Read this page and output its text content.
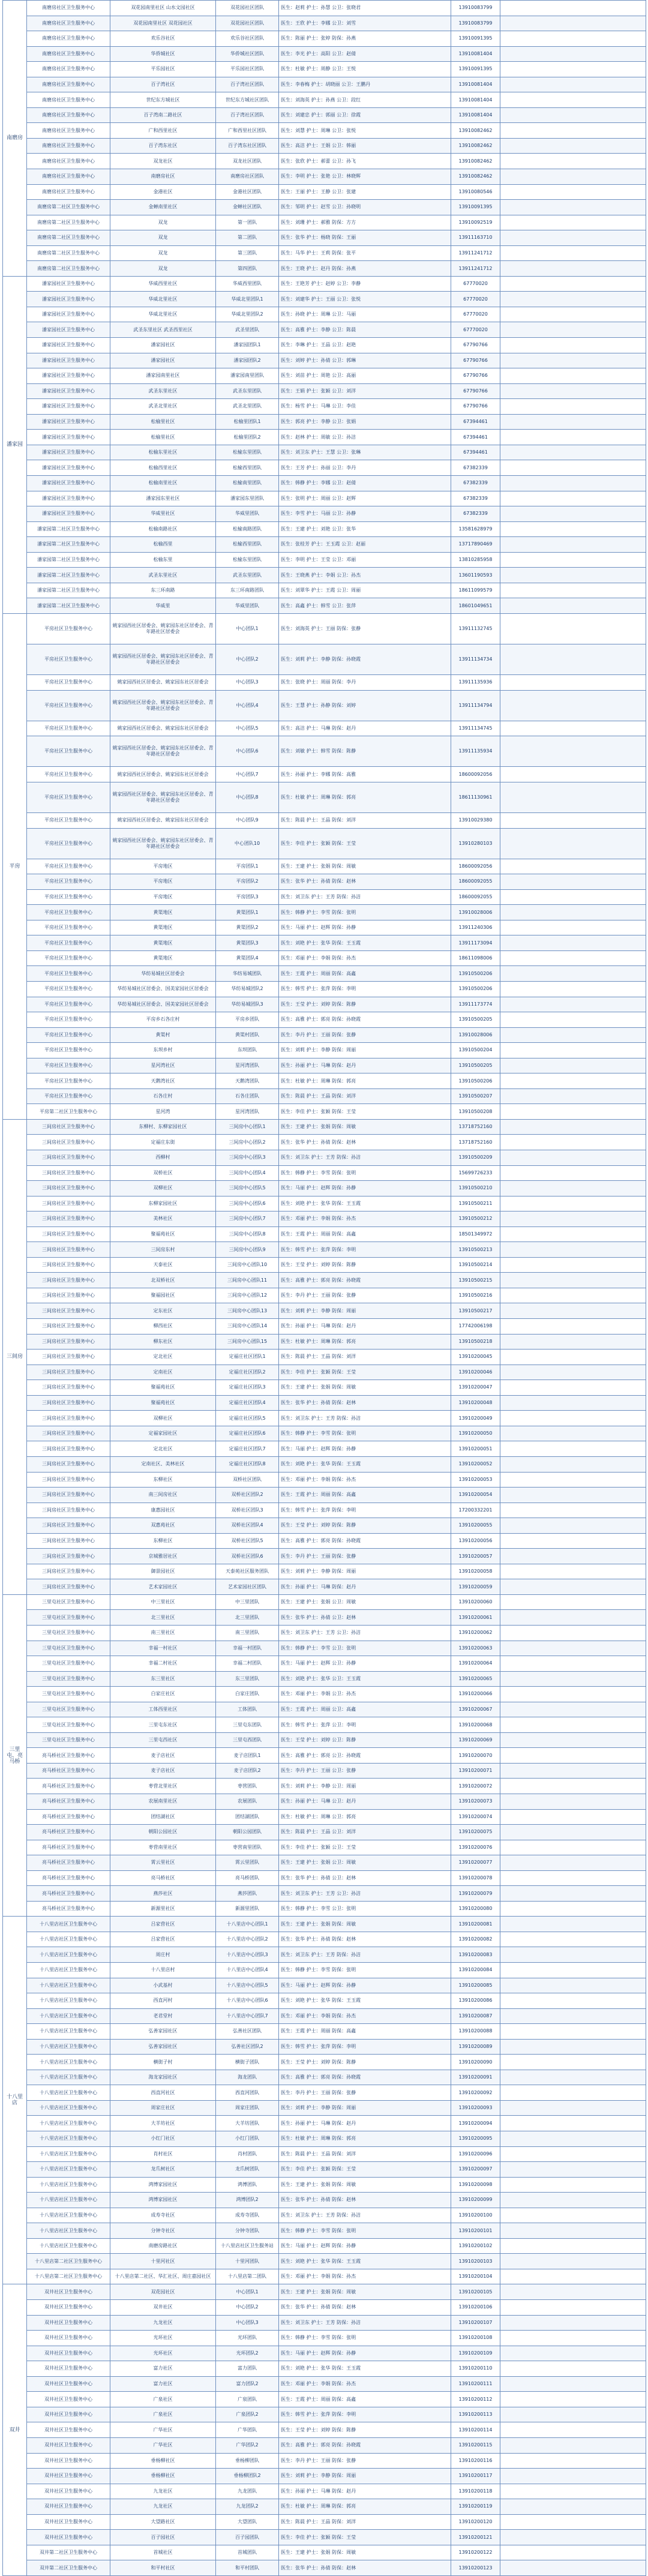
南磨房	南磨房社区卫生服务中心	双花园南里社区 山水文园社区	双花园社区团队	医生：赵莉 护士：孙慧 公卫：张晓君	13910083799	
	南磨房社区卫生服务中心	双花园南里社区 双花园社区	双花园社区团队	医生：王欣 护士：李娜 公卫：刘雪	13910083799	
	南磨房社区卫生服务中心	欢乐谷社区	欢乐谷社区团队	医生：陈丽 护士：张婷 防保：孙燕	13910091395	
	南磨房社区卫生服务中心	华侨城社区	华侨城社区团队	医生：李光 护士：高阳 公卫：赵倩	13910081404	
	南磨房社区卫生服务中心	平乐园社区	平乐园社区团队	医生：杜敏 护士：周静 公卫：王悦	13910091395	
	南磨房社区卫生服务中心	百子湾社区	百子湾社区团队	医生：李春梅 护士：胡晓丽 公卫：王鹏丹	13910081404	
	南磨房社区卫生服务中心	世纪东方城社区	世纪东方城社区团队	医生：刘海英 护士：孙燕 公卫：段红	13910081404	
	南磨房社区卫生服务中心	百子湾南二路社区	百子湾社区团队	医生：刘建忠 护士：郭丽 公卫：徐霞	13910081404	
	南磨房社区卫生服务中心	广和西里社区	广和西里社区团队	医生：刘慧 护士：周琳 公卫：张悦	13910082462	
	南磨房社区卫生服务中心	百子湾东社区	百子湾东社区团队	医生：高洁 护士：王娟 公卫：韩丽	13910082462	
	南磨房社区卫生服务中心	双龙社区	双龙社区团队	医生：张欣 护士：郝蕾 公卫：孙飞	13910082462	
	南磨房社区卫生服务中心	南磨房社区	南磨房社区团队	医生：李明 护士：张艳 公卫：林晓辉	13910082462	
	南磨房社区卫生服务中心	金港社区	金港社区团队	医生：王丽 护士：王静 公卫：张建	13910080546	
	南磨房第二社区卫生服务中心	金蝉南里社区	金蝉社区团队	医生：邹明 护士：赵雪 公卫：孙晓明	13910091395	
	南磨房第二社区卫生服务中心	双龙	第一团队	医生：刘珊 护士：郝雅 防保：方方	13910092519	
	南磨房第二社区卫生服务中心	双龙	第二团队	医生：张华 护士：杨晓 防保：王丽	13911163710	
	南磨房第二社区卫生服务中心	双龙	第三团队	医生：马华 护士：王莉 防保：张平	13911241712	
	南磨房第二社区卫生服务中心	双龙	第四团队	医生：王晓 护士：赵丹 防保：孙燕	13911241712	
潘家园	潘家园社区卫生服务中心	华威西里社区	华威西里团队	医生：王艳芳 护士：赵婷 公卫：李静	67770020	
	潘家园社区卫生服务中心	华威北里社区	华威北里团队1	医生：刘建华 护士：王丽 公卫：张悦	67770020	
	潘家园社区卫生服务中心	华威北里社区	华威北里团队2	医生：孙晓 护士：周琳 公卫：马丽	67770020	
	潘家园社区卫生服务中心	武圣东里社区 武圣西里社区	武圣里团队	医生：高雅 护士：李静 公卫：陈晨	67770020	
	潘家园社区卫生服务中心	潘家园社区	潘家园团队1	医生：李琳 护士：王晶 公卫：赵艳	67790766	
	潘家园社区卫生服务中心	潘家园社区	潘家园团队2	医生：刘婷 护士：孙倩 公卫：郭琳	67790766	
	潘家园社区卫生服务中心	潘家园南里社区	潘家园南里团队	医生：刘苗 护士：周艳 公卫：高丽	67790766	
	潘家园社区卫生服务中心	武圣东里社区	武圣东里团队	医生：王娟 护士：张颖 公卫：刘洋	67790766	
	潘家园社区卫生服务中心	武圣北里社区	武圣北里团队	医生：杨雪 护士：马琳 公卫：李佳	67790766	
	潘家园社区卫生服务中心	松榆里社区	松榆里团队1	医生：郭亮 护士：李静 公卫：张娟	67394461	
	潘家园社区卫生服务中心	松榆里社区	松榆里团队2	医生：赵林 护士：周敏 公卫：孙洁	67394461	
	潘家园社区卫生服务中心	松榆东里社区	松榆东里团队	医生：刘卫东 护士：王慧 公卫：张琳	67394461	
	潘家园社区卫生服务中心	松榆西里社区	松榆西里团队	医生：王芳 护士：孙丽 公卫：李丹	67382339	
	潘家园社区卫生服务中心	松榆南里社区	松榆南里团队	医生：韩静 护士：李娜 公卫：赵倩	67382339	
	潘家园社区卫生服务中心	潘家园东里社区	潘家园东里团队	医生：张明 护士：周丽 公卫：赵辉	67382339	
	潘家园社区卫生服务中心	华威里社区	华威里团队	医生：李雪 护士：马丽 公卫：孙静	67382339	
	潘家园第二社区卫生服务中心	松榆南路社区	松榆南路团队	医生：王建 护士：刘艳 公卫：张华	13581628979	
	潘家园第二社区卫生服务中心	松榆西里	松榆西里团队	医生：张桂芳 护士：王玉霞 公卫：赵丽	13717890469	
	潘家园第二社区卫生服务中心	松榆东里	松榆东里团队	医生：李明 护士：王莹 公卫：邓丽	13810285958	
	潘家园第二社区卫生服务中心	武圣东里社区	武圣东里团队	医生：王晓燕 护士：李娟 公卫：孙杰	13601190593	
	潘家园第二社区卫生服务中心	东三环南路	东三环南路团队	医生：刘翠华 护士：王霞 公卫：周丽	18611099579	
	潘家园第二社区卫生服务中心	华威里	华威里团队	医生：高鑫 护士：韩雪 公卫：张萍	18601049651	
平房	平房社区卫生服务中心	姚家园西社区居委会、姚家园东社区居委会、青年路社区居委会	中心团队1	医生：刘海英 护士：王丽 防保：张静	13911132745	
	平房社区卫生服务中心	姚家园西社区居委会、姚家园东社区居委会、青年路社区居委会	中心团队2	医生：刘莉 护士：李静 防保：孙晓霞	13911134734	
	平房社区卫生服务中心	姚家园西社区居委会、姚家园东社区居委会	中心团队3	医生：张晓 护士：周丽 防保：李丹	13911135936	
	平房社区卫生服务中心	姚家园西社区居委会、姚家园东社区居委会、青年路社区居委会	中心团队4	医生：王慧 护士：孙静 防保：刘婷	13911134794	
	平房社区卫生服务中心	姚家园西社区居委会、姚家园东社区居委会	中心团队5	医生：高洁 护士：马琳 防保：赵丹	13911134745	
	平房社区卫生服务中心	姚家园西社区居委会、姚家园东社区居委会、青年路社区居委会	中心团队6	医生：刘敏 护士：韩雪 防保：陈静	13911135934	
	平房社区卫生服务中心	姚家园西社区居委会、姚家园东社区居委会	中心团队7	医生：孙丽 护士：李娜 防保：高雅	18600092056	
	平房社区卫生服务中心	姚家园西社区居委会、姚家园东社区居委会、青年路社区居委会	中心团队8	医生：杜敏 护士：周琳 防保：郭亮	18611130961	
	平房社区卫生服务中心	姚家园西社区居委会、姚家园东社区居委会	中心团队9	医生：陈晨 护士：王晶 防保：刘洋	13910029380	
	平房社区卫生服务中心	姚家园西社区居委会、姚家园东社区居委会、青年路社区居委会	中心团队10	医生：李佳 护士：张颖 防保：王莹	13910280103	
	平房社区卫生服务中心	平房地区	平房团队1	医生：王建 护士：张娟 防保：周敏	18600092056	
	平房社区卫生服务中心	平房地区	平房团队2	医生：张华 护士：孙倩 防保：赵林	18600092055	
	平房社区卫生服务中心	平房地区	平房团队3	医生：刘卫东 护士：王芳 防保：孙洁	18600092055	
	平房社区卫生服务中心	黄渠地区	黄渠团队1	医生：韩静 护士：李雪 防保：张明	13910028006	
	平房社区卫生服务中心	黄渠地区	黄渠团队2	医生：马丽 护士：赵辉 防保：孙静	13911240306	
	平房社区卫生服务中心	黄渠地区	黄渠团队3	医生：刘艳 护士：张华 防保：王玉霞	13911173094	
	平房社区卫生服务中心	黄渠地区	黄渠团队4	医生：邓丽 护士：李娟 防保：孙杰	18611098006	
	平房社区卫生服务中心	华纺易城社区居委会	华纺易城团队	医生：王霞 护士：周丽 防保：高鑫	13910500206	
	平房社区卫生服务中心	华纺易城社区居委会、国美家园社区居委会	华纺易城团队2	医生：韩雪 护士：张萍 防保：李明	13910500206	
	平房社区卫生服务中心	华纺易城社区居委会、国美家园社区居委会	华纺易城团队3	医生：王莹 护士：刘婷 防保：陈静	13911173774	
	平房社区卫生服务中心	平房乡石各庄村	平房乡团队	医生：高雅 护士：郭亮 防保：孙晓霞	13910500205	
	平房社区卫生服务中心	黄渠村	黄渠村团队	医生：李丹 护士：王丽 防保：张静	13910028006	
	平房社区卫生服务中心	东坝乡村	东坝团队	医生：刘莉 护士：李静 防保：周丽	13910500204	
	平房社区卫生服务中心	星河湾社区	星河湾团队	医生：孙丽 护士：马琳 防保：赵丹	13910500205	
	平房社区卫生服务中心	天鹅湾社区	天鹅湾团队	医生：杜敏 护士：周琳 防保：郭亮	13910500206	
	平房社区卫生服务中心	石各庄村	石各庄团队	医生：陈晨 护士：王晶 防保：刘洋	13910500207	
	平房第二社区卫生服务中心	星河湾	星河湾团队	医生：李佳 护士：张颖 防保：王莹	13910500208	
三间房	三间房社区卫生服务中心	东柳村、东柳家园社区	三间房中心团队1	医生：王建 护士：张娟 防保：周敏	13718752160	
	三间房社区卫生服务中心	定福庄东街	三间房中心团队2	医生：张华 护士：孙倩 防保：赵林	13718752160	
	三间房社区卫生服务中心	西柳村	三间房中心团队3	医生：刘卫东 护士：王芳 防保：孙洁	13910500209	
	三间房社区卫生服务中心	双桥社区	三间房中心团队4	医生：韩静 护士：李雪 防保：张明	15699726233	
	三间房社区卫生服务中心	双柳社区	三间房中心团队5	医生：马丽 护士：赵辉 防保：孙静	13910500210	
	三间房社区卫生服务中心	东柳家园社区	三间房中心团队6	医生：刘艳 护士：张华 防保：王玉霞	13910500211	
	三间房社区卫生服务中心	美林社区	三间房中心团队7	医生：邓丽 护士：李娟 防保：孙杰	13910500212	
	三间房社区卫生服务中心	聚福苑社区	三间房中心团队8	医生：王霞 护士：周丽 防保：高鑫	18501349972	
	三间房社区卫生服务中心	三间房东村	三间房中心团队9	医生：韩雪 护士：张萍 防保：李明	13910500213	
	三间房社区卫生服务中心	天泰社区	三间房中心团队10	医生：王莹 护士：刘婷 防保：陈静	13910500214	
	三间房社区卫生服务中心	北双桥社区	三间房中心团队11	医生：高雅 护士：郭亮 防保：孙晓霞	13910500215	
	三间房社区卫生服务中心	聚福园社区	三间房中心团队12	医生：李丹 护士：王丽 防保：张静	13910500216	
	三间房社区卫生服务中心	定东社区	三间房中心团队13	医生：刘莉 护士：李静 防保：周丽	13910500217	
	三间房社区卫生服务中心	柳西社区	三间房中心团队14	医生：孙丽 护士：马琳 防保：赵丹	17742006198	
	三间房社区卫生服务中心	柳东社区	三间房中心团队15	医生：杜敏 护士：周琳 防保：郭亮	13910500218	
	三间房社区卫生服务中心	定北社区	定福庄社区团队1	医生：陈晨 护士：王晶 防保：刘洋	13910200045	
	三间房社区卫生服务中心	定南社区	定福庄社区团队2	医生：李佳 护士：张颖 防保：王莹	13910200046	
	三间房社区卫生服务中心	聚福苑社区	定福庄社区团队3	医生：王建 护士：张娟 防保：周敏	13910200047	
	三间房社区卫生服务中心	聚福苑社区	定福庄社区团队4	医生：张华 护士：孙倩 防保：赵林	13910200048	
	三间房社区卫生服务中心	双柳社区	定福庄社区团队5	医生：刘卫东 护士：王芳 防保：孙洁	13910200049	
	三间房社区卫生服务中心	定福家园社区	定福庄社区团队6	医生：韩静 护士：李雪 防保：张明	13910200050	
	三间房社区卫生服务中心	定北社区	定福庄社区团队7	医生：马丽 护士：赵辉 防保：孙静	13910200051	
	三间房社区卫生服务中心	定南社区、美林社区	定福庄社区团队8	医生：刘艳 护士：张华 防保：王玉霞	13910200052	
	三间房社区卫生服务中心	东柳社区	双桥社区团队	医生：邓丽 护士：李娟 防保：孙杰	13910200053	
	三间房社区卫生服务中心	南三间房社区	双桥社区团队2	医生：王霞 护士：周丽 防保：高鑫	13910200054	
	三间房社区卫生服务中心	康惠园社区	双桥社区团队3	医生：韩雪 护士：张萍 防保：李明	17200332201	
	三间房社区卫生服务中心	双惠苑社区	双桥社区团队4	医生：王莹 护士：刘婷 防保：陈静	13910200055	
	三间房社区卫生服务中心	东柳社区	双桥社区团队5	医生：高雅 护士：郭亮 防保：孙晓霞	13910200056	
	三间房社区卫生服务中心	京城雅居社区	双桥社区团队6	医生：李丹 护士：王丽 防保：张静	13910200057	
	三间房社区卫生服务中心	御景园社区	天泰苑社区服务团队	医生：刘莉 护士：李静 防保：周丽	13910200058	
	三间房社区卫生服务中心	艺术家园社区	艺术家园社区团队	医生：孙丽 护士：马琳 防保：赵丹	13910200059	
三里屯、亮马桥	三里屯社区卫生服务中心	中三里社区	中三里团队	医生：王建 护士：张娟 公卫：周敏	13910200060	
	三里屯社区卫生服务中心	北三里社区	北三里团队	医生：张华 护士：孙倩 公卫：赵林	13910200061	
	三里屯社区卫生服务中心	南三里社区	南三里团队	医生：刘卫东 护士：王芳 公卫：孙洁	13910200062	
	三里屯社区卫生服务中心	幸福一村社区	幸福一村团队	医生：韩静 护士：李雪 公卫：张明	13910200063	
	三里屯社区卫生服务中心	幸福二村社区	幸福二村团队	医生：马丽 护士：赵辉 公卫：孙静	13910200064	
	三里屯社区卫生服务中心	东三里社区	东三里团队	医生：刘艳 护士：张华 公卫：王玉霞	13910200065	
	三里屯社区卫生服务中心	白家庄社区	白家庄团队	医生：邓丽 护士：李娟 公卫：孙杰	13910200066	
	三里屯社区卫生服务中心	工体西里社区	工体团队	医生：王霞 护士：周丽 公卫：高鑫	13910200067	
	三里屯社区卫生服务中心	三里屯东社区	三里屯东团队	医生：韩雪 护士：张萍 公卫：李明	13910200068	
	三里屯社区卫生服务中心	三里屯西社区	三里屯西团队	医生：王莹 护士：刘婷 公卫：陈静	13910200069	
	亮马桥社区卫生服务中心	麦子店社区	麦子店团队1	医生：高雅 护士：郭亮 公卫：孙晓霞	13910200070	
	亮马桥社区卫生服务中心	麦子店社区	麦子店团队2	医生：李丹 护士：王丽 公卫：张静	13910200071	
	亮马桥社区卫生服务中心	枣营北里社区	枣营团队	医生：刘莉 护士：李静 公卫：周丽	13910200072	
	亮马桥社区卫生服务中心	农展南里社区	农展团队	医生：孙丽 护士：马琳 公卫：赵丹	13910200073	
	亮马桥社区卫生服务中心	团结湖社区	团结湖团队	医生：杜敏 护士：周琳 公卫：郭亮	13910200074	
	亮马桥社区卫生服务中心	朝阳公园社区	朝阳公园团队	医生：陈晨 护士：王晶 公卫：刘洋	13910200075	
	亮马桥社区卫生服务中心	枣营南里社区	枣营南里团队	医生：李佳 护士：张颖 公卫：王莹	13910200076	
	亮马桥社区卫生服务中心	霄云里社区	霄云里团队	医生：王建 护士：张娟 公卫：周敏	13910200077	
	亮马桥社区卫生服务中心	亮马桥社区	亮马桥团队	医生：张华 护士：孙倩 公卫：赵林	13910200078	
	亮马桥社区卫生服务中心	燕莎社区	燕莎团队	医生：刘卫东 护士：王芳 公卫：孙洁	13910200079	
	亮马桥社区卫生服务中心	新源里社区	新源里团队	医生：韩静 护士：李雪 公卫：张明	13910200080	
十八里店	十八里店社区卫生服务中心	吕家营社区	十八里店中心团队1	医生：王建 护士：张娟 防保：周敏	13910200081	
	十八里店社区卫生服务中心	吕家营社区	十八里店中心团队2	医生：张华 护士：孙倩 防保：赵林	13910200082	
	十八里店社区卫生服务中心	周庄村	十八里店中心团队3	医生：刘卫东 护士：王芳 防保：孙洁	13910200083	
	十八里店社区卫生服务中心	十八里店村	十八里店中心团队4	医生：韩静 护士：李雪 防保：张明	13910200084	
	十八里店社区卫生服务中心	小武基村	十八里店中心团队5	医生：马丽 护士：赵辉 防保：孙静	13910200085	
	十八里店社区卫生服务中心	西直河村	十八里店中心团队6	医生：刘艳 护士：张华 防保：王玉霞	13910200086	
	十八里店社区卫生服务中心	老君堂村	十八里店中心团队7	医生：邓丽 护士：李娟 防保：孙杰	13910200087	
	十八里店社区卫生服务中心	弘善家园社区	弘善社区团队	医生：王霞 护士：周丽 防保：高鑫	13910200088	
	十八里店社区卫生服务中心	弘善家园社区	弘善社区团队2	医生：韩雪 护士：张萍 防保：李明	13910200089	
	十八里店社区卫生服务中心	横街子村	横街子团队	医生：王莹 护士：刘婷 防保：陈静	13910200090	
	十八里店社区卫生服务中心	海龙家园社区	海龙团队	医生：高雅 护士：郭亮 防保：孙晓霞	13910200091	
	十八里店社区卫生服务中心	西直河社区	西直河团队	医生：李丹 护士：王丽 防保：张静	13910200092	
	十八里店社区卫生服务中心	周家庄社区	周家庄团队	医生：刘莉 护士：李静 防保：周丽	13910200093	
	十八里店社区卫生服务中心	大羊坊社区	大羊坊团队	医生：孙丽 护士：马琳 防保：赵丹	13910200094	
	十八里店社区卫生服务中心	小红门社区	小红门团队	医生：杜敏 护士：周琳 防保：郭亮	13910200095	
	十八里店社区卫生服务中心	肖村社区	肖村团队	医生：陈晨 护士：王晶 防保：刘洋	13910200096	
	十八里店社区卫生服务中心	龙爪树社区	龙爪树团队	医生：李佳 护士：张颖 防保：王莹	13910200097	
	十八里店社区卫生服务中心	鸿博家园社区	鸿博团队	医生：王建 护士：张娟 防保：周敏	13910200098	
	十八里店社区卫生服务中心	鸿博家园社区	鸿博团队2	医生：张华 护士：孙倩 防保：赵林	13910200099	
	十八里店社区卫生服务中心	成寿寺社区	成寿寺团队	医生：刘卫东 护士：王芳 防保：孙洁	13910200100	
	十八里店社区卫生服务中心	分钟寺社区	分钟寺团队	医生：韩静 护士：李雪 防保：张明	13910200101	
	十八里店社区卫生服务中心	南磨房路社区	十八里店社区卫生服务站	医生：马丽 护士：赵辉 防保：孙静	13910200102	
	十八里店第二社区卫生服务中心	十里河社区	十里河团队	医生：刘艳 护士：张华 防保：王玉霞	13910200103	
	十八里店第二社区卫生服务中心	十八里店第二社区、华汇社区、周庄嘉园社区	十八里店第二团队	医生：邓丽 护士：李娟 防保：孙杰	13910200104	
双井	双井社区卫生服务中心	双花园社区	中心团队1	医生：王建 护士：张娟 防保：周敏	13910200105	
	双井社区卫生服务中心	双井社区	中心团队2	医生：张华 护士：孙倩 防保：赵林	13910200106	
	双井社区卫生服务中心	九龙社区	中心团队3	医生：刘卫东 护士：王芳 防保：孙洁	13910200107	
	双井社区卫生服务中心	光环社区	光环团队	医生：韩静 护士：李雪 防保：张明	13910200108	
	双井社区卫生服务中心	光环社区	光环团队2	医生：马丽 护士：赵辉 防保：孙静	13910200109	
	双井社区卫生服务中心	富力社区	富力团队	医生：刘艳 护士：张华 防保：王玉霞	13910200110	
	双井社区卫生服务中心	富力社区	富力团队2	医生：邓丽 护士：李娟 防保：孙杰	13910200111	
	双井社区卫生服务中心	广泉社区	广泉团队	医生：王霞 护士：周丽 防保：高鑫	13910200112	
	双井社区卫生服务中心	广泉社区	广泉团队2	医生：韩雪 护士：张萍 防保：李明	13910200113	
	双井社区卫生服务中心	广华社区	广华团队	医生：王莹 护士：刘婷 防保：陈静	13910200114	
	双井社区卫生服务中心	广华社区	广华团队2	医生：高雅 护士：郭亮 防保：孙晓霞	13910200115	
	双井社区卫生服务中心	垂杨柳社区	垂杨柳团队	医生：李丹 护士：王丽 防保：张静	13910200116	
	双井社区卫生服务中心	垂杨柳社区	垂杨柳团队2	医生：刘莉 护士：李静 防保：周丽	13910200117	
	双井社区卫生服务中心	九龙社区	九龙团队	医生：孙丽 护士：马琳 防保：赵丹	13910200118	
	双井社区卫生服务中心	九龙社区	九龙团队2	医生：杜敏 护士：周琳 防保：郭亮	13910200119	
	双井社区卫生服务中心	大望路社区	大望团队	医生：陈晨 护士：王晶 防保：刘洋	13910200120	
	双井社区卫生服务中心	百子园社区	百子园团队	医生：李佳 护士：张颖 防保：王莹	13910200121	
	双井第二社区卫生服务中心	首城社区	首城团队	医生：王建 护士：张娟 防保：周敏	13910200122	
	双井第二社区卫生服务中心	和平村社区	和平村团队	医生：张华 护士：孙倩 防保：赵林	13910200123	
